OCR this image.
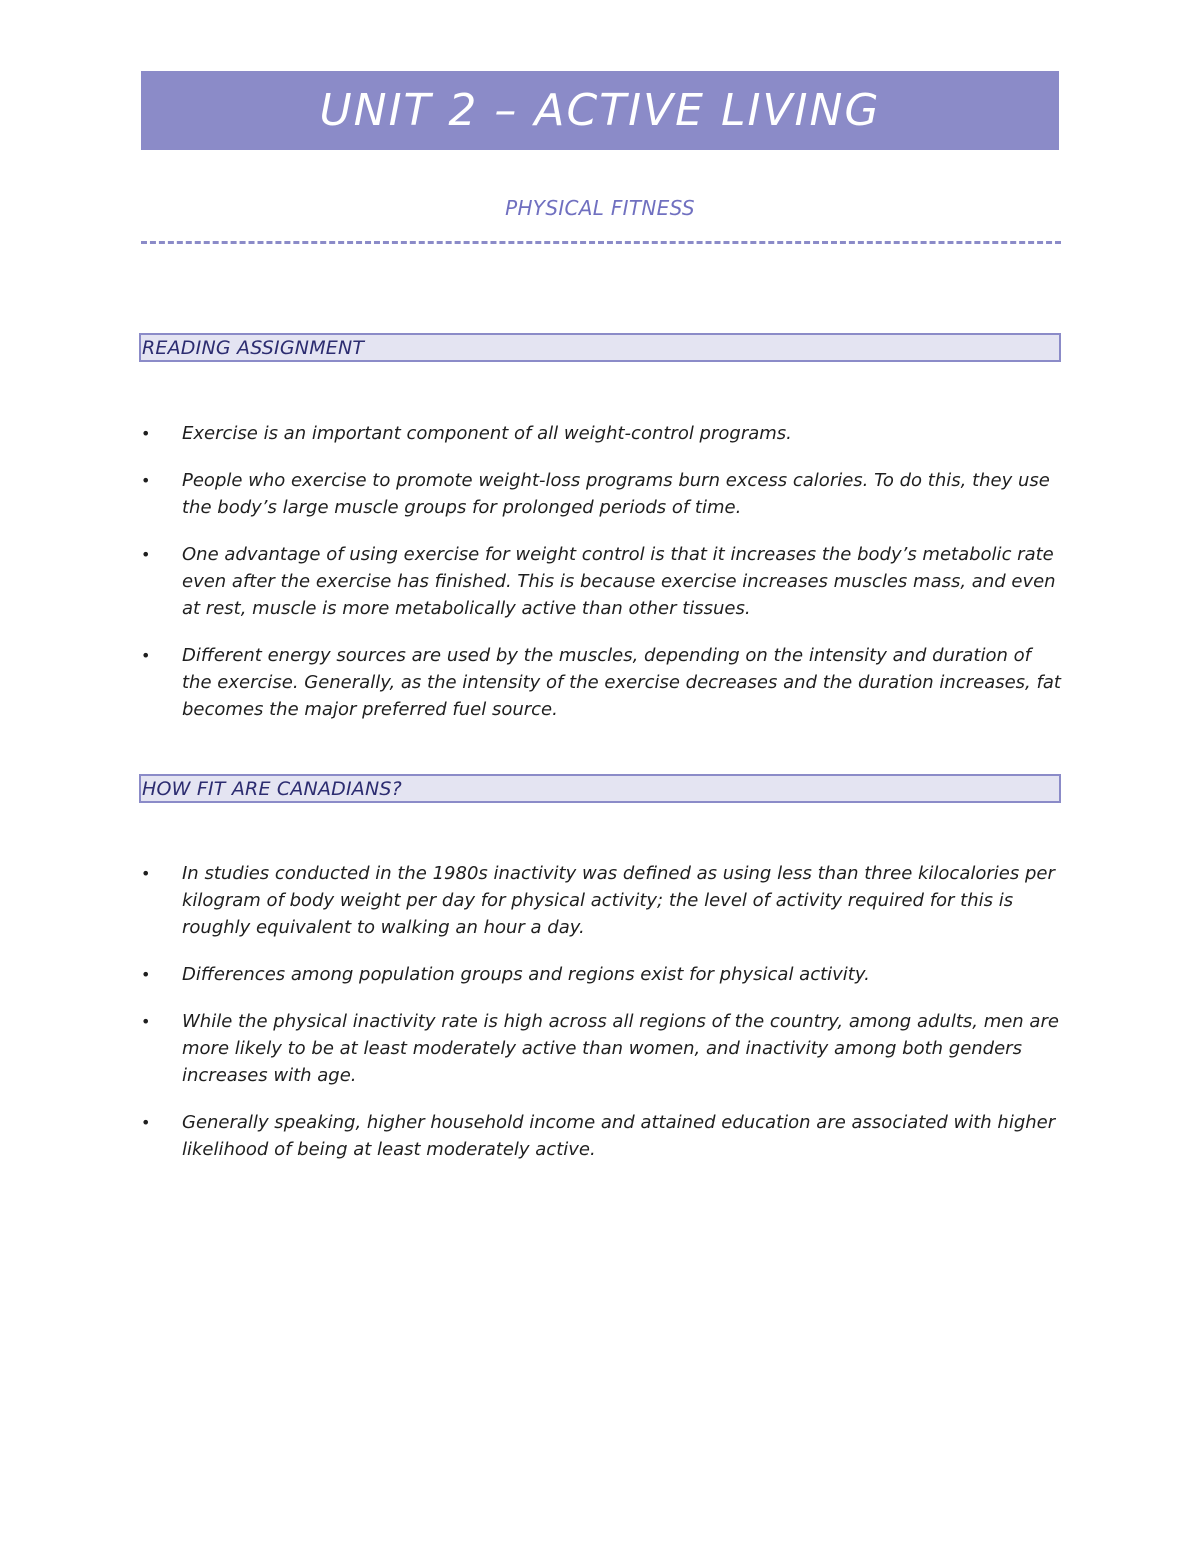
UNIT 2 – ACTIVE LIVING
PHYSICAL FITNESS
READING ASSIGNMENT
• Exercise is an important component of all weight-control programs.
• People who exercise to promote weight-loss programs burn excess calories. To do this, they use the body’s large muscle groups for prolonged periods of time.
• One advantage of using exercise for weight control is that it increases the body’s metabolic rate even after the exercise has finished. This is because exercise increases muscles mass, and even at rest, muscle is more metabolically active than other tissues.
• Different energy sources are used by the muscles, depending on the intensity and duration of the exercise. Generally, as the intensity of the exercise decreases and the duration increases, fat becomes the major preferred fuel source.
HOW FIT ARE CANADIANS?
• In studies conducted in the 1980s inactivity was defined as using less than three kilocalories per kilogram of body weight per day for physical activity; the level of activity required for this is roughly equivalent to walking an hour a day.
• Differences among population groups and regions exist for physical activity.
• While the physical inactivity rate is high across all regions of the country, among adults, men are more likely to be at least moderately active than women, and inactivity among both genders increases with age.
• Generally speaking, higher household income and attained education are associated with higher likelihood of being at least moderately active.
